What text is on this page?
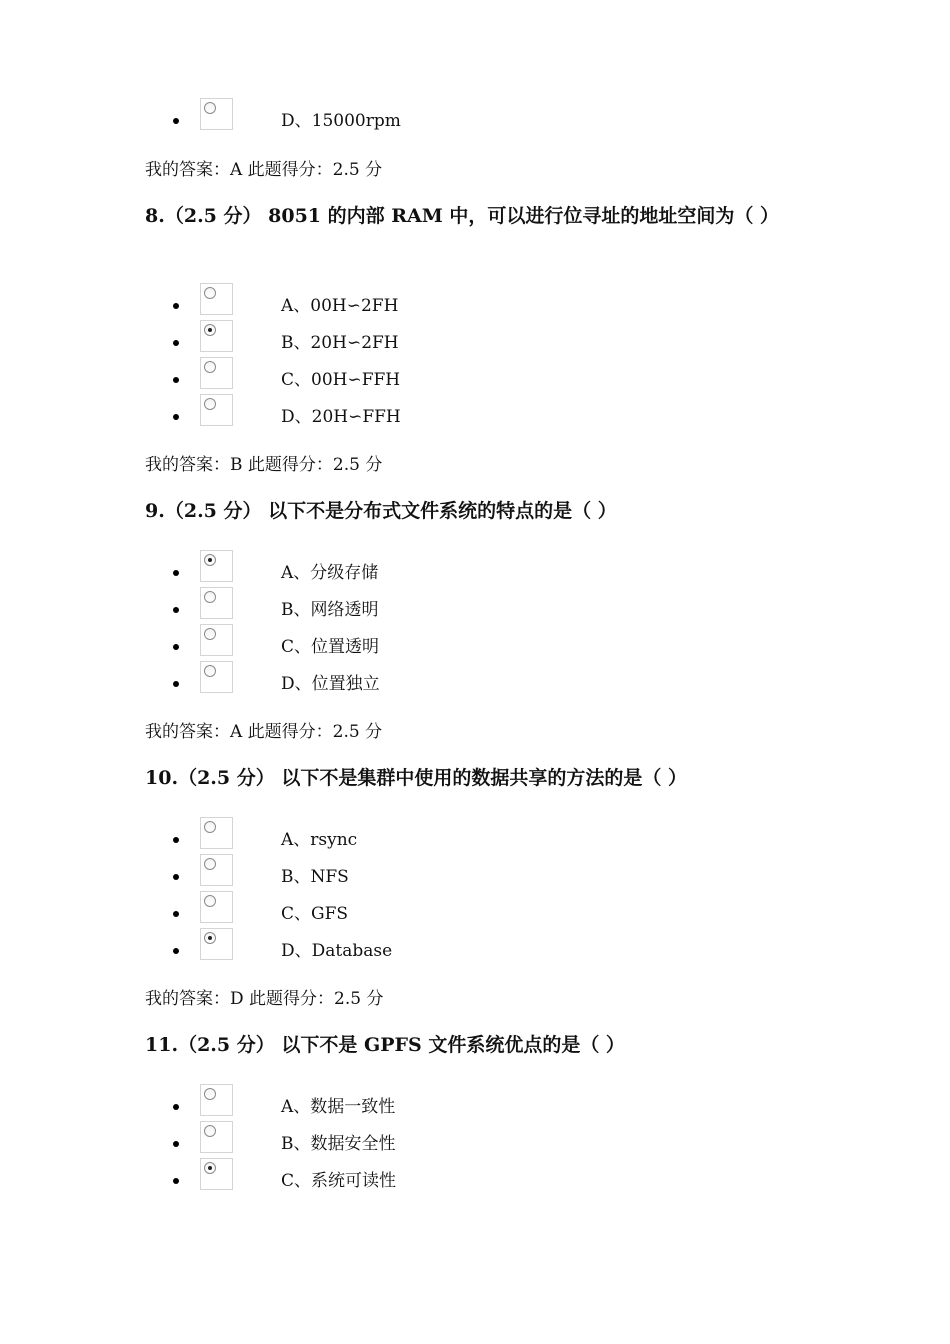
D、15000rpm
我的答案：A 此题得分：2.5 分
8.（2.5 分） 8051 的内部 RAM 中，可以进行位寻址的地址空间为（ ）
A、00H∽2FH
B、20H∽2FH
C、00H∽FFH
D、20H∽FFH
我的答案：B 此题得分：2.5 分
9.（2.5 分） 以下不是分布式文件系统的特点的是（ ）
A、分级存储
B、网络透明
C、位置透明
D、位置独立
我的答案：A 此题得分：2.5 分
10.（2.5 分） 以下不是集群中使用的数据共享的方法的是（ ）
A、rsync
B、NFS
C、GFS
D、Database
我的答案：D 此题得分：2.5 分
11.（2.5 分） 以下不是 GPFS 文件系统优点的是（ ）
A、数据一致性
B、数据安全性
C、系统可读性
